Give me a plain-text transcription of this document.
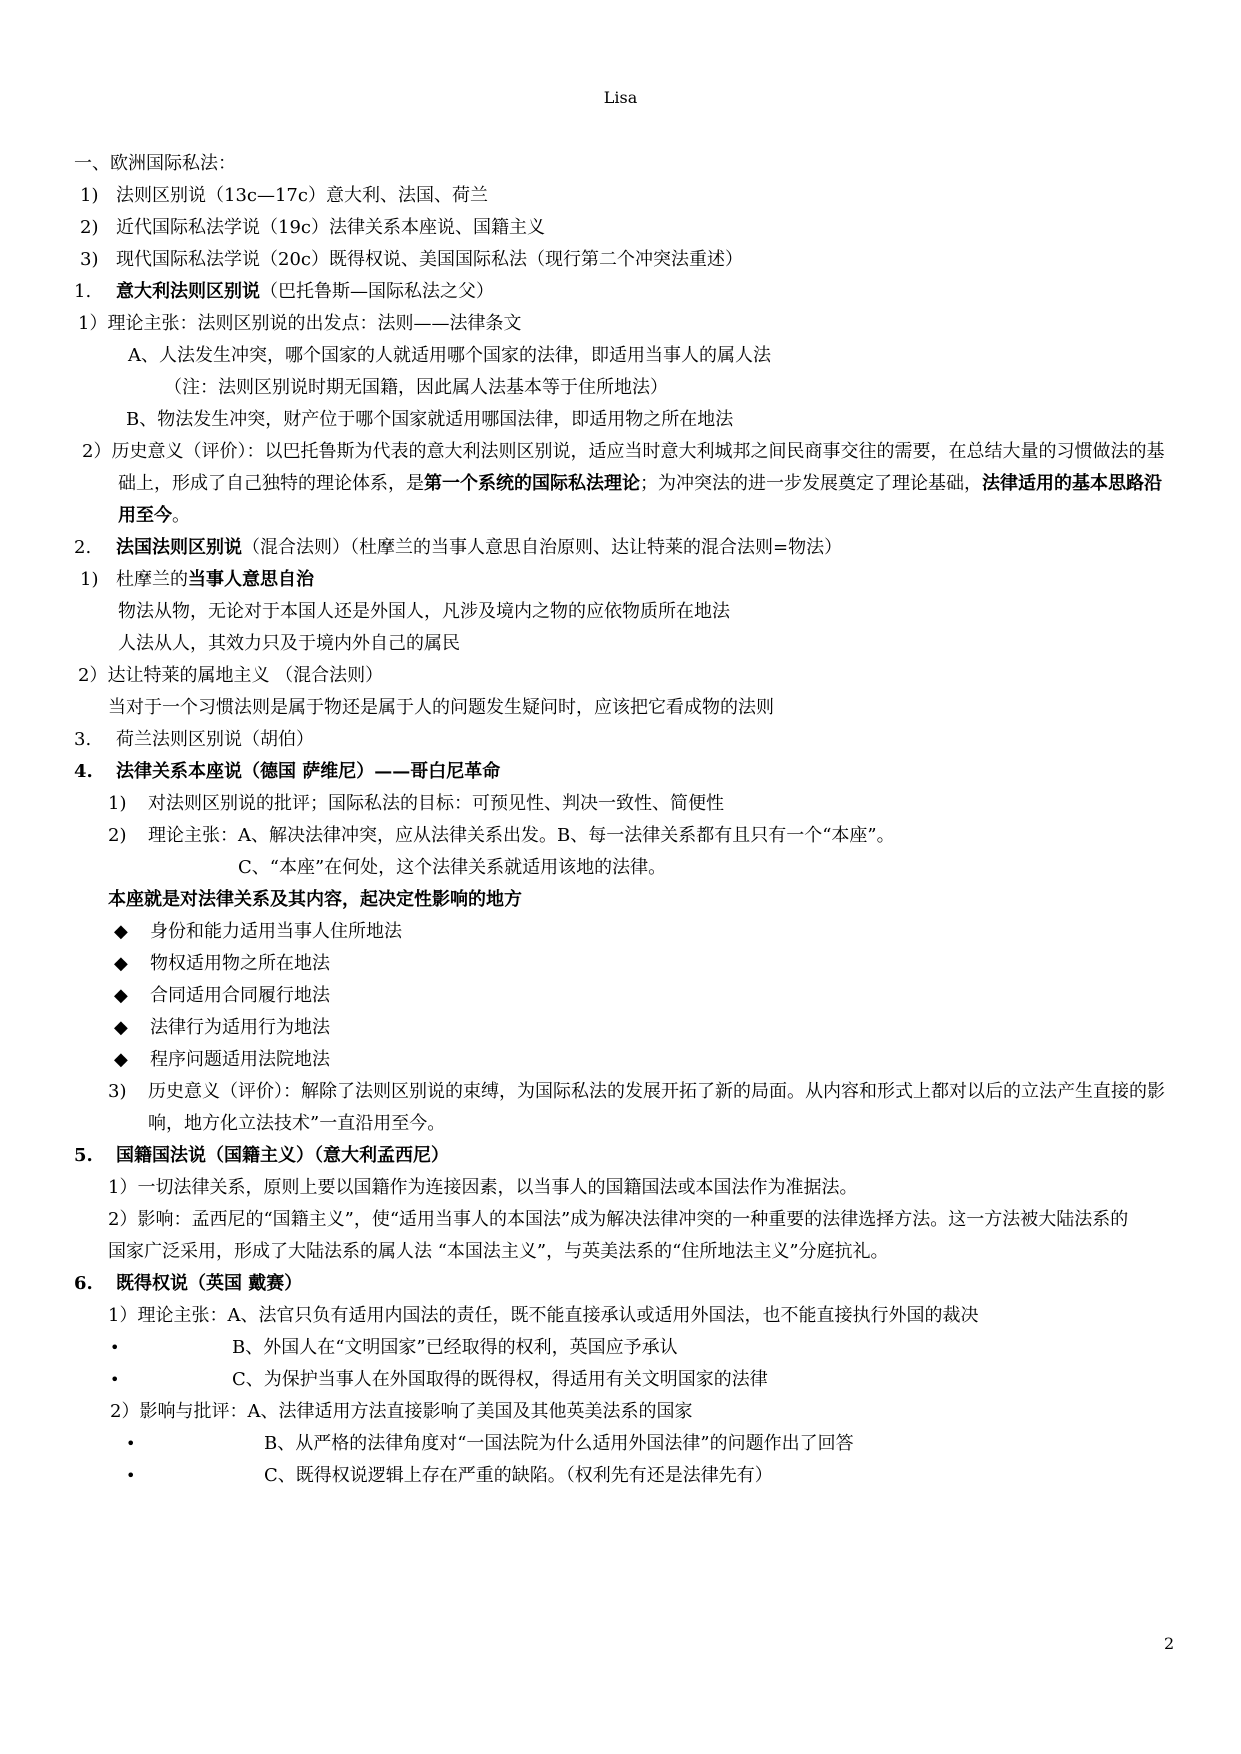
Lisa
一、欧洲国际私法：
1) 法则区别说（13c—17c）意大利、法国、荷兰
2) 近代国际私法学说（19c）法律关系本座说、国籍主义
3) 现代国际私法学说（20c）既得权说、美国国际私法（现行第二个冲突法重述）
1. 意大利法则区别说（巴托鲁斯—国际私法之父）
1）理论主张：法则区别说的出发点：法则——法律条文
A、人法发生冲突，哪个国家的人就适用哪个国家的法律，即适用当事人的属人法
（注：法则区别说时期无国籍，因此属人法基本等于住所地法）
B、物法发生冲突，财产位于哪个国家就适用哪国法律，即适用物之所在地法
2）历史意义（评价）：以巴托鲁斯为代表的意大利法则区别说，适应当时意大利城邦之间民商事交往的需要，在总结大量的习惯做法的基础上，形成了自己独特的理论体系，是第一个系统的国际私法理论；为冲突法的进一步发展奠定了理论基础，法律适用的基本思路沿用至今。
2. 法国法则区别说（混合法则）（杜摩兰的当事人意思自治原则、达让特莱的混合法则=物法）
1) 杜摩兰的当事人意思自治
物法从物，无论对于本国人还是外国人，凡涉及境内之物的应依物质所在地法
人法从人，其效力只及于境内外自己的属民
2）达让特莱的属地主义 （混合法则）
当对于一个习惯法则是属于物还是属于人的问题发生疑问时，应该把它看成物的法则
3. 荷兰法则区别说（胡伯）
4. 法律关系本座说（德国 萨维尼）——哥白尼革命
1) 对法则区别说的批评；国际私法的目标：可预见性、判决一致性、简便性
2) 理论主张：A、解决法律冲突，应从法律关系出发。B、每一法律关系都有且只有一个“本座”。
C、“本座”在何处，这个法律关系就适用该地的法律。
本座就是对法律关系及其内容，起决定性影响的地方
◆ 身份和能力适用当事人住所地法
◆ 物权适用物之所在地法
◆ 合同适用合同履行地法
◆ 法律行为适用行为地法
◆ 程序问题适用法院地法
3) 历史意义（评价）：解除了法则区别说的束缚，为国际私法的发展开拓了新的局面。从内容和形式上都对以后的立法产生直接的影响，地方化立法技术”一直沿用至今。
5. 国籍国法说（国籍主义）（意大利孟西尼）
1）一切法律关系，原则上要以国籍作为连接因素，以当事人的国籍国法或本国法作为准据法。
2）影响：孟西尼的“国籍主义”，使“适用当事人的本国法”成为解决法律冲突的一种重要的法律选择方法。这一方法被大陆法系的国家广泛采用，形成了大陆法系的属人法 “本国法主义”，与英美法系的“住所地法主义”分庭抗礼。
6. 既得权说（英国 戴赛）
1）理论主张：A、法官只负有适用内国法的责任，既不能直接承认或适用外国法，也不能直接执行外国的裁决
•	B、外国人在“文明国家”已经取得的权利，英国应予承认
•	C、为保护当事人在外国取得的既得权，得适用有关文明国家的法律
2）影响与批评：A、法律适用方法直接影响了美国及其他英美法系的国家
•	B、从严格的法律角度对“一国法院为什么适用外国法律”的问题作出了回答
•	C、既得权说逻辑上存在严重的缺陷。（权利先有还是法律先有）
2
